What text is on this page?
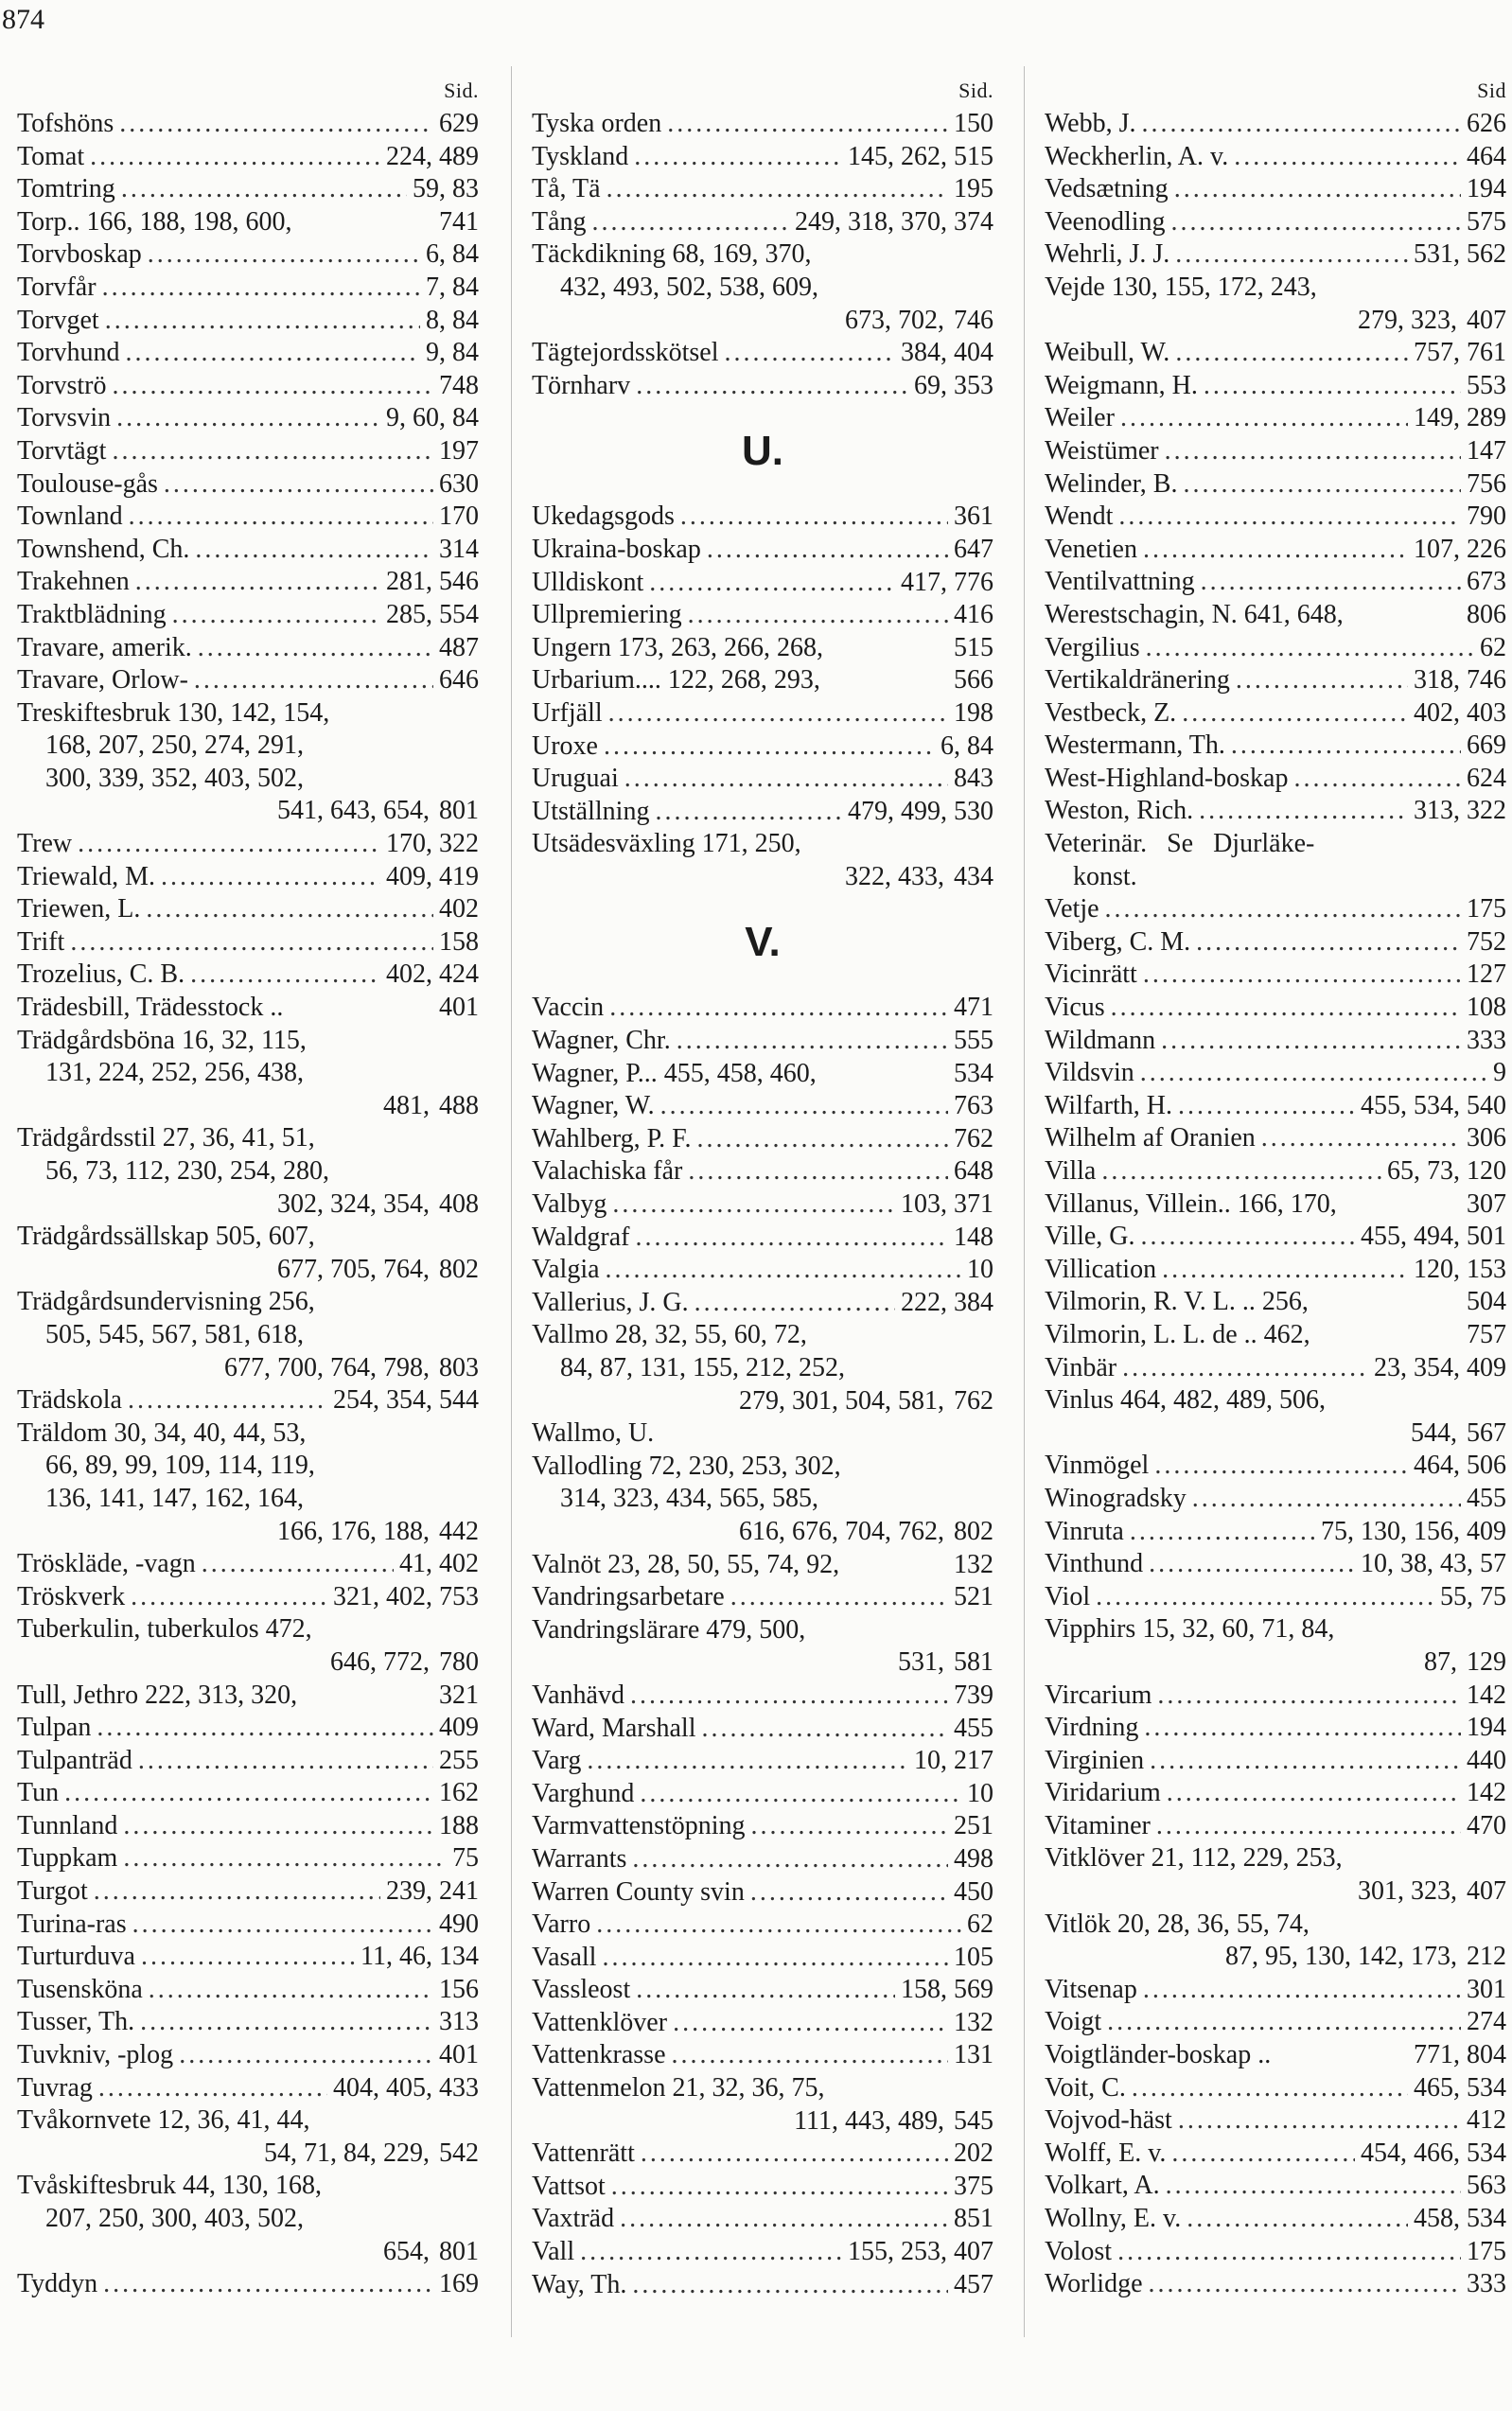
874
Sid.
Tofshöns .....	629
Tomat .....	224, 489
Tomtring .....	59, 83
Torp.. 166, 188, 198, 600,	741
Torvboskap .....	6, 84
Torvfår .....	7, 84
Torvget .....	8, 84
Torvhund .....	9, 84
Torvströ .....	748
Torvsvin .....	9, 60, 84
Torvtägt .....	197
Toulouse-gås .....	630
Townland .....	170
Townshend, Ch. .....	314
Trakehnen .....	281, 546
Traktblädning .....	285, 554
Travare, amerik. .....	487
Travare, Orlow- .....	646
Treskiftesbruk 130, 142, 154,
168, 207, 250, 274, 291,
300, 339, 352, 403, 502,
541, 643, 654, 801
Trew .....	170, 322
Triewald, M. .....	409, 419
Triewen, L. .....	402
Trift .....	158
Trozelius, C. B. .....	402, 424
Trädesbill, Trädesstock ..	401
Trädgårdsböna 16, 32, 115,
131, 224, 252, 256, 438,
481, 488
Trädgårdsstil 27, 36, 41, 51,
56, 73, 112, 230, 254, 280,
302, 324, 354, 408
Trädgårdssällskap 505, 607,
677, 705, 764, 802
Trädgårdsundervisning 256,
505, 545, 567, 581, 618,
677, 700, 764, 798, 803
Trädskola .....	254, 354, 544
Träldom 30, 34, 40, 44, 53,
66, 89, 99, 109, 114, 119,
136, 141, 147, 162, 164,
166, 176, 188, 442
Tröskläde, -vagn .....	41, 402
Tröskverk .....	321, 402, 753
Tuberkulin, tuberkulos 472,
646, 772, 780
Tull, Jethro 222, 313, 320,	321
Tulpan .....	409
Tulpanträd .....	255
Tun .....	162
Tunnland .....	188
Tuppkam .....	75
Turgot .....	239, 241
Turina-ras .....	490
Turturduva .....	11, 46, 134
Tusensköna .....	156
Tusser, Th. .....	313
Tuvkniv, -plog .....	401
Tuvrag .....	404, 405, 433
Tvåkornvete 12, 36, 41, 44,
54, 71, 84, 229, 542
Tvåskiftesbruk 44, 130, 168,
207, 250, 300, 403, 502,
654, 801
Tyddyn .....	169
Sid.
Tyska orden .....	150
Tyskland .....	145, 262, 515
Tå, Tä .....	195
Tång .....	249, 318, 370, 374
Täckdikning 68, 169, 370,
432, 493, 502, 538, 609,
673, 702, 746
Tägtejordsskötsel .....	384, 404
Törnharv .....	69, 353
U.
Ukedagsgods .....	361
Ukraina-boskap .....	647
Ulldiskont .....	417, 776
Ullpremiering .....	416
Ungern 173, 263, 266, 268,	515
Urbarium.... 122, 268, 293,	566
Urfjäll .....	198
Uroxe .....	6, 84
Uruguai .....	843
Utställning .....	479, 499, 530
Utsädesväxling 171, 250,
322, 433, 434
V.
Vaccin .....	471
Wagner, Chr. .....	555
Wagner, P... 455, 458, 460,	534
Wagner, W. .....	763
Wahlberg, P. F. .....	762
Valachiska får .....	648
Valbyg .....	103, 371
Waldgraf .....	148
Valgia .....	10
Vallerius, J. G. .....	222, 384
Vallmo 28, 32, 55, 60, 72,
84, 87, 131, 155, 212, 252,
279, 301, 504, 581, 762
Wallmo, U.
Vallodling 72, 230, 253, 302,
314, 323, 434, 565, 585,
616, 676, 704, 762, 802
Valnöt 23, 28, 50, 55, 74, 92,	132
Vandringsarbetare .....	521
Vandringslärare 479, 500,
531, 581
Vanhävd .....	739
Ward, Marshall .....	455
Varg .....	10, 217
Varghund .....	10
Varmvattenstöpning .....	251
Warrants .....	498
Warren County svin .....	450
Varro .....	62
Vasall .....	105
Vassleost .....	158, 569
Vattenklöver .....	132
Vattenkrasse .....	131
Vattenmelon 21, 32, 36, 75,
111, 443, 489, 545
Vattenrätt .....	202
Vattsot .....	375
Vaxträd .....	851
Vall .....	155, 253, 407
Way, Th. .....	457
Sid
Webb, J. .....	626
Weckherlin, A. v. .....	464
Vedsætning .....	194
Veenodling .....	575
Wehrli, J. J. .....	531, 562
Vejde 130, 155, 172, 243,
279, 323, 407
Weibull, W. .....	757, 761
Weigmann, H. .....	553
Weiler .....	149, 289
Weistümer .....	147
Welinder, B. .....	756
Wendt .....	790
Venetien .....	107, 226
Ventilvattning .....	673
Werestschagin, N. 641, 648,	806
Vergilius .....	62
Vertikaldränering .....	318, 746
Vestbeck, Z. .....	402, 403
Westermann, Th. .....	669
West-Highland-boskap .....	624
Weston, Rich. .....	313, 322
Veterinär. Se Djurläke-
konst.
Vetje .....	175
Viberg, C. M. .....	752
Vicinrätt .....	127
Vicus .....	108
Wildmann .....	333
Vildsvin .....	9
Wilfarth, H. .....	455, 534, 540
Wilhelm af Oranien .....	306
Villa .....	65, 73, 120
Villanus, Villein.. 166, 170,	307
Ville, G. .....	455, 494, 501
Villication .....	120, 153
Vilmorin, R. V. L. .. 256,	504
Vilmorin, L. L. de .. 462,	757
Vinbär .....	23, 354, 409
Vinlus 464, 482, 489, 506,
544, 567
Vinmögel .....	464, 506
Winogradsky .....	455
Vinruta .....	75, 130, 156, 409
Vinthund .....	10, 38, 43, 57
Viol .....	55, 75
Vipphirs 15, 32, 60, 71, 84,
87, 129
Vircarium .....	142
Virdning .....	194
Virginien .....	440
Viridarium .....	142
Vitaminer .....	470
Vitklöver 21, 112, 229, 253,
301, 323, 407
Vitlök 20, 28, 36, 55, 74,
87, 95, 130, 142, 173, 212
Vitsenap .....	301
Voigt .....	274
Voigtländer-boskap ..	771, 804
Voit, C. .....	465, 534
Vojvod-häst .....	412
Wolff, E. v. .....	454, 466, 534
Volkart, A. .....	563
Wollny, E. v. .....	458, 534
Volost .....	175
Worlidge .....	333
